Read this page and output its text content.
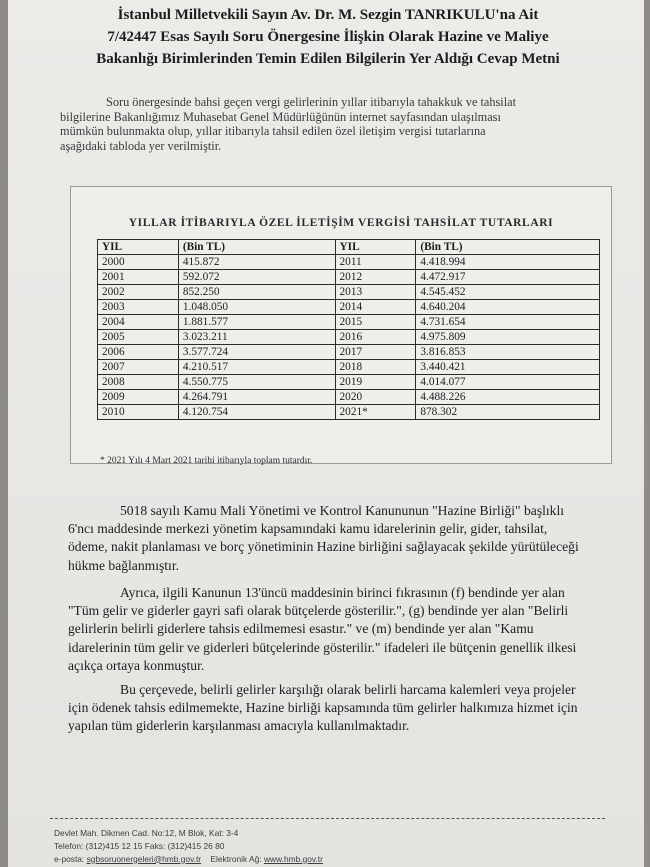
İstanbul Milletvekili Sayın Av. Dr. M. Sezgin TANRIKULU'na Ait
7/42447 Esas Sayılı Soru Önergesine İlişkin Olarak Hazine ve Maliye
Bakanlığı Birimlerinden Temin Edilen Bilgilerin Yer Aldığı Cevap Metni
Soru önergesinde bahsi geçen vergi gelirlerinin yıllar itibarıyla tahakkuk ve tahsilat
bilgilerine Bakanlığımız Muhasebat Genel Müdürlüğünün internet sayfasından ulaşılması
mümkün bulunmakta olup, yıllar itibarıyla tahsil edilen özel iletişim vergisi tutarlarına
aşağıdaki tabloda yer verilmiştir.
YILLAR İTİBARIYLA ÖZEL İLETİŞİM VERGİSİ TAHSİLAT TUTARLARI
YIL	(Bin TL)	YIL	(Bin TL)
2000	415.872	2011	4.418.994
2001	592.072	2012	4.472.917
2002	852.250	2013	4.545.452
2003	1.048.050	2014	4.640.204
2004	1.881.577	2015	4.731.654
2005	3.023.211	2016	4.975.809
2006	3.577.724	2017	3.816.853
2007	4.210.517	2018	3.440.421
2008	4.550.775	2019	4.014.077
2009	4.264.791	2020	4.488.226
2010	4.120.754	2021*	878.302
* 2021 Yılı 4 Mart 2021 tarihi itibarıyla toplam tutardır.
5018 sayılı Kamu Mali Yönetimi ve Kontrol Kanununun "Hazine Birliği" başlıklı
6'ncı maddesinde merkezi yönetim kapsamındaki kamu idarelerinin gelir, gider, tahsilat,
ödeme, nakit planlaması ve borç yönetiminin Hazine birliğini sağlayacak şekilde yürütüleceği
hükme bağlanmıştır.
Ayrıca, ilgili Kanunun 13'üncü maddesinin birinci fıkrasının (f) bendinde yer alan
"Tüm gelir ve giderler gayri safi olarak bütçelerde gösterilir.", (g) bendinde yer alan "Belirli
gelirlerin belirli giderlere tahsis edilmemesi esastır." ve (m) bendinde yer alan "Kamu
idarelerinin tüm gelir ve giderleri bütçelerinde gösterilir." ifadeleri ile bütçenin genellik ilkesi
açıkça ortaya konmuştur.
Bu çerçevede, belirli gelirler karşılığı olarak belirli harcama kalemleri veya projeler
için ödenek tahsis edilmemekte, Hazine birliği kapsamında tüm gelirler halkımıza hizmet için
yapılan tüm giderlerin karşılanması amacıyla kullanılmaktadır.
Devlet Mah. Dikmen Cad. No:12, M Blok, Kat: 3-4
Telefon: (312)415 12 15 Faks: (312)415 26 80
e-posta: sgbsoruonergeleri@hmb.gov.tr Elektronik Ağ: www.hmb.gov.tr
